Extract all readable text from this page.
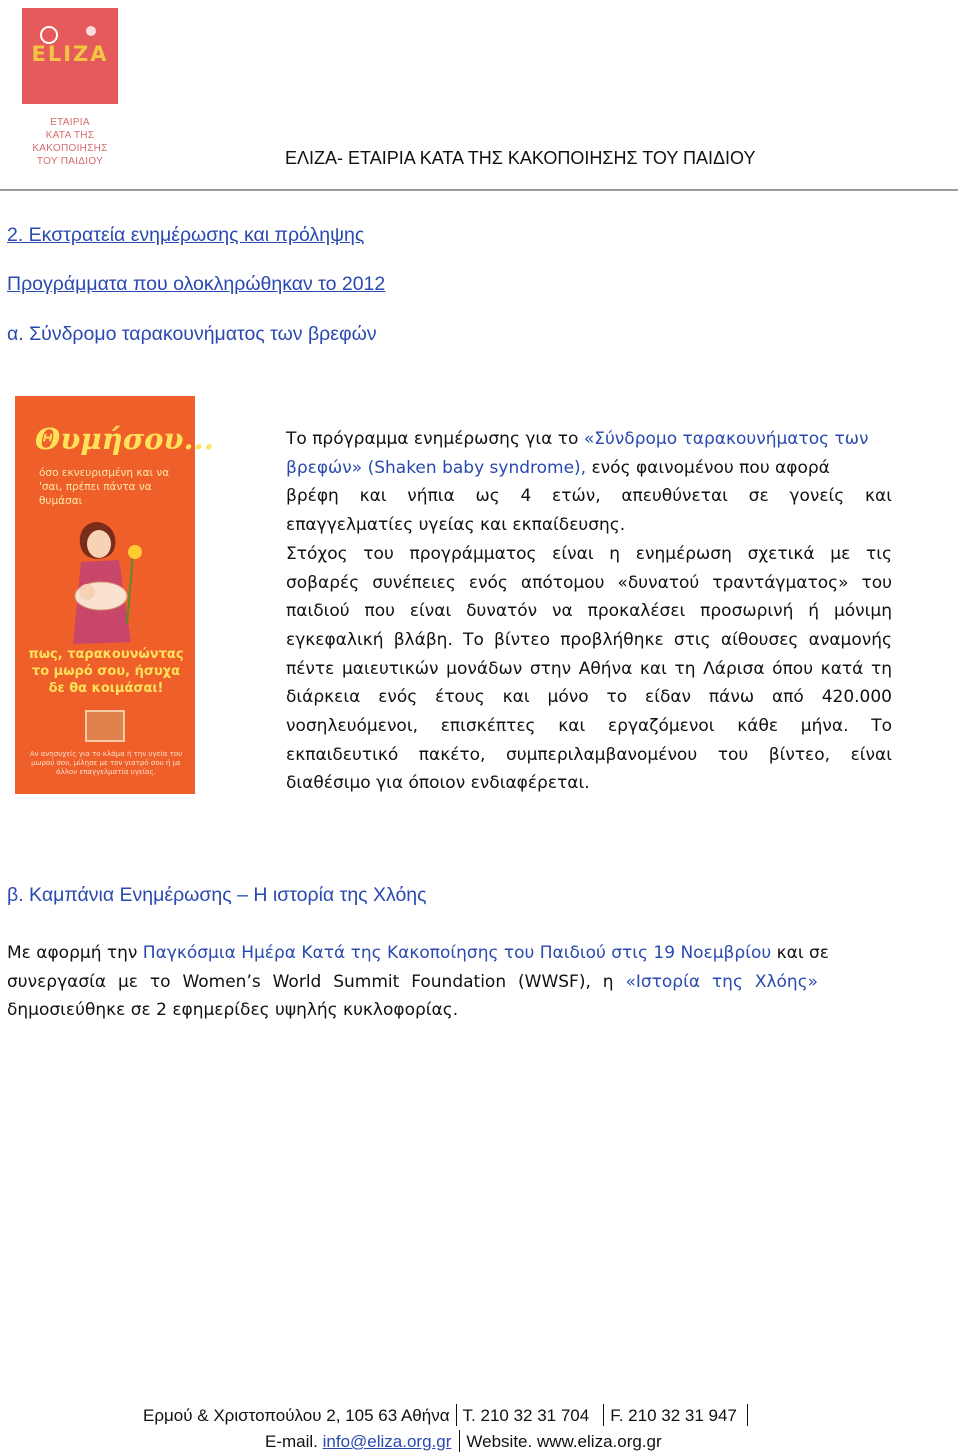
ELIZA
ΕΤΑΙΡΙΑ
ΚΑΤΑ ΤΗΣ ΚΑΚΟΠΟΙΗΣΗΣ
ΤΟΥ ΠΑΙΔΙΟΥ	ΕΛΙΖΑ- ΕΤΑΙΡΙΑ ΚΑΤΑ ΤΗΣ ΚΑΚΟΠΟΙΗΣΗΣ ΤΟΥ ΠΑΙΔΙΟΥ
2. Εκστρατεία ενημέρωσης και πρόληψης
Προγράμματα που ολοκληρώθηκαν το 2012
α. Σύνδρομο ταρακουνήματος των βρεφών
Θυμήσου...
όσο εκνευρισμένη και να 'σαι, πρέπει πάντα να θυμάσαι
πως, ταρακουνώντας το μωρό σου, ήσυχα δε θα κοιμάσαι!
Αν ανησυχείς για το κλάμα ή την υγεία του μωρού σου, μίλησε με τον γιατρό σου ή με άλλον επαγγελματία υγείας.
Το πρόγραμμα ενημέρωσης για το «Σύνδρομο ταρακουνήματος των
βρεφών» (Shaken baby syndrome), ενός φαινομένου που αφορά
βρέφη και νήπια ως 4 ετών, απευθύνεται σε γονείς και
επαγγελματίες υγείας και εκπαίδευσης.
Στόχος του προγράμματος είναι η ενημέρωση σχετικά με τις
σοβαρές συνέπειες ενός απότομου «δυνατού τραντάγματος» του
παιδιού που είναι δυνατόν να προκαλέσει προσωρινή ή μόνιμη
εγκεφαλική βλάβη. Το βίντεο προβλήθηκε στις αίθουσες αναμονής
πέντε μαιευτικών μονάδων στην Αθήνα και τη Λάρισα όπου κατά τη
διάρκεια ενός έτους και μόνο το είδαν πάνω από 420.000
νοσηλευόμενοι, επισκέπτες και εργαζόμενοι κάθε μήνα. Το
εκπαιδευτικό πακέτο, συμπεριλαμβανομένου του βίντεο, είναι
διαθέσιμο για όποιον ενδιαφέρεται.
β. Καμπάνια Ενημέρωσης – Η ιστορία της Χλόης
Με αφορμή την Παγκόσμια Ημέρα Κατά της Κακοποίησης του Παιδιού στις 19 Νοεμβρίου και σε
συνεργασία με το Women’s World Summit Foundation (WWSF), η «Ιστορία της Χλόης»
δημοσιεύθηκε σε 2 εφημερίδες υψηλής κυκλοφορίας.
Ερμού & Χριστοπούλου 2, 105 63 Αθήνα Τ. 210 32 31 704 F. 210 32 31 947
E-mail. info@eliza.org.gr Website. www.eliza.org.gr
